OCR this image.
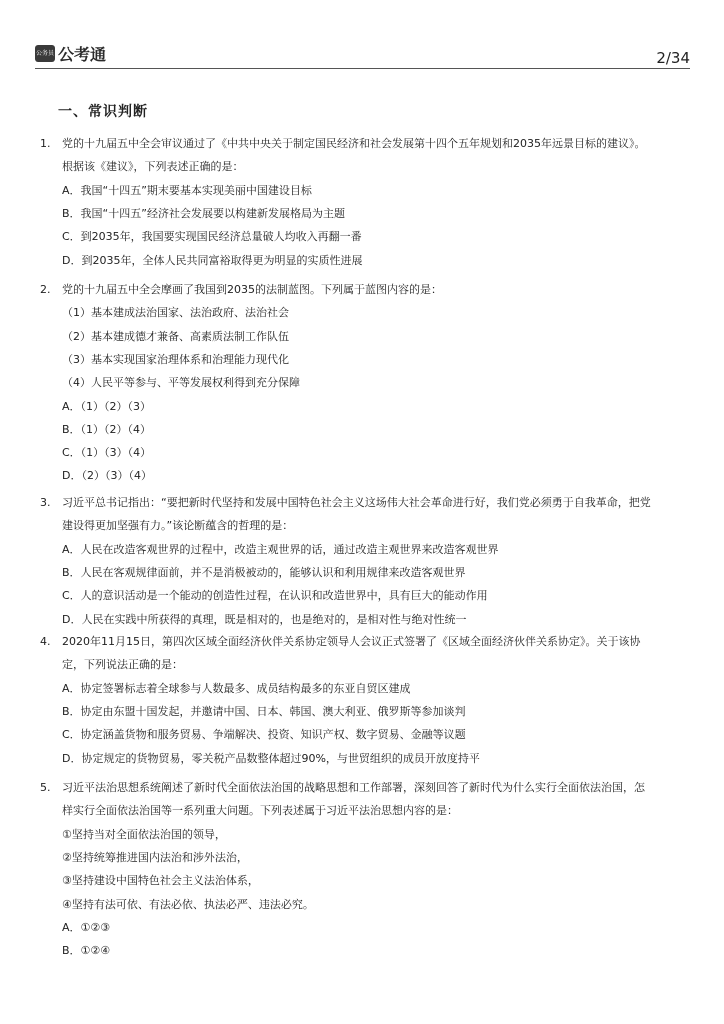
公务员 公考通	2/34
一、常识判断
1. 党的十九届五中全会审议通过了《中共中央关于制定国民经济和社会发展第十四个五年规划和2035年远景目标的建议》。
根据该《建议》，下列表述正确的是：
A．我国“十四五”期末要基本实现美丽中国建设目标
B．我国“十四五”经济社会发展要以构建新发展格局为主题
C．到2035年，我国要实现国民经济总量破人均收入再翻一番
D．到2035年，全体人民共同富裕取得更为明显的实质性进展
2. 党的十九届五中全会摩画了我国到2035的法制蓝图。下列属于蓝图内容的是：
（1）基本建成法治国家、法治政府、法治社会
（2）基本建成德才兼备、高素质法制工作队伍
（3）基本实现国家治理体系和治理能力现代化
（4）人民平等参与、平等发展权利得到充分保障
A．（1）（2）（3）
B．（1）（2）（4）
C．（1）（3）（4）
D．（2）（3）（4）
3. 习近平总书记指出：“要把新时代坚持和发展中国特色社会主义这场伟大社会革命进行好，我们党必须勇于自我革命，把党
建设得更加坚强有力。”该论断蕴含的哲理的是：
A．人民在改造客观世界的过程中，改造主观世界的话，通过改造主观世界来改造客观世界
B．人民在客观规律面前，并不是消极被动的，能够认识和利用规律来改造客观世界
C．人的意识活动是一个能动的创造性过程，在认识和改造世界中，具有巨大的能动作用
D．人民在实践中所获得的真理，既是相对的，也是绝对的，是相对性与绝对性统一
4. 2020年11月15日，第四次区域全面经济伙伴关系协定领导人会议正式签署了《区域全面经济伙伴关系协定》。关于该协
定，下列说法正确的是：
A．协定签署标志着全球参与人数最多、成员结构最多的东亚自贸区建成
B．协定由东盟十国发起，并邀请中国、日本、韩国、澳大利亚、俄罗斯等参加谈判
C．协定涵盖货物和服务贸易、争端解决、投资、知识产权、数字贸易、金融等议题
D．协定规定的货物贸易，零关税产品数整体超过90%，与世贸组织的成员开放度持平
5. 习近平法治思想系统阐述了新时代全面依法治国的战略思想和工作部署，深刻回答了新时代为什么实行全面依法治国，怎
样实行全面依法治国等一系列重大问题。下列表述属于习近平法治思想内容的是：
①坚持当对全面依法治国的领导，
②坚持统筹推进国内法治和涉外法治，
③坚持建设中国特色社会主义法治体系，
④坚持有法可依、有法必依、执法必严、违法必究。
A．①②③
B．①②④
